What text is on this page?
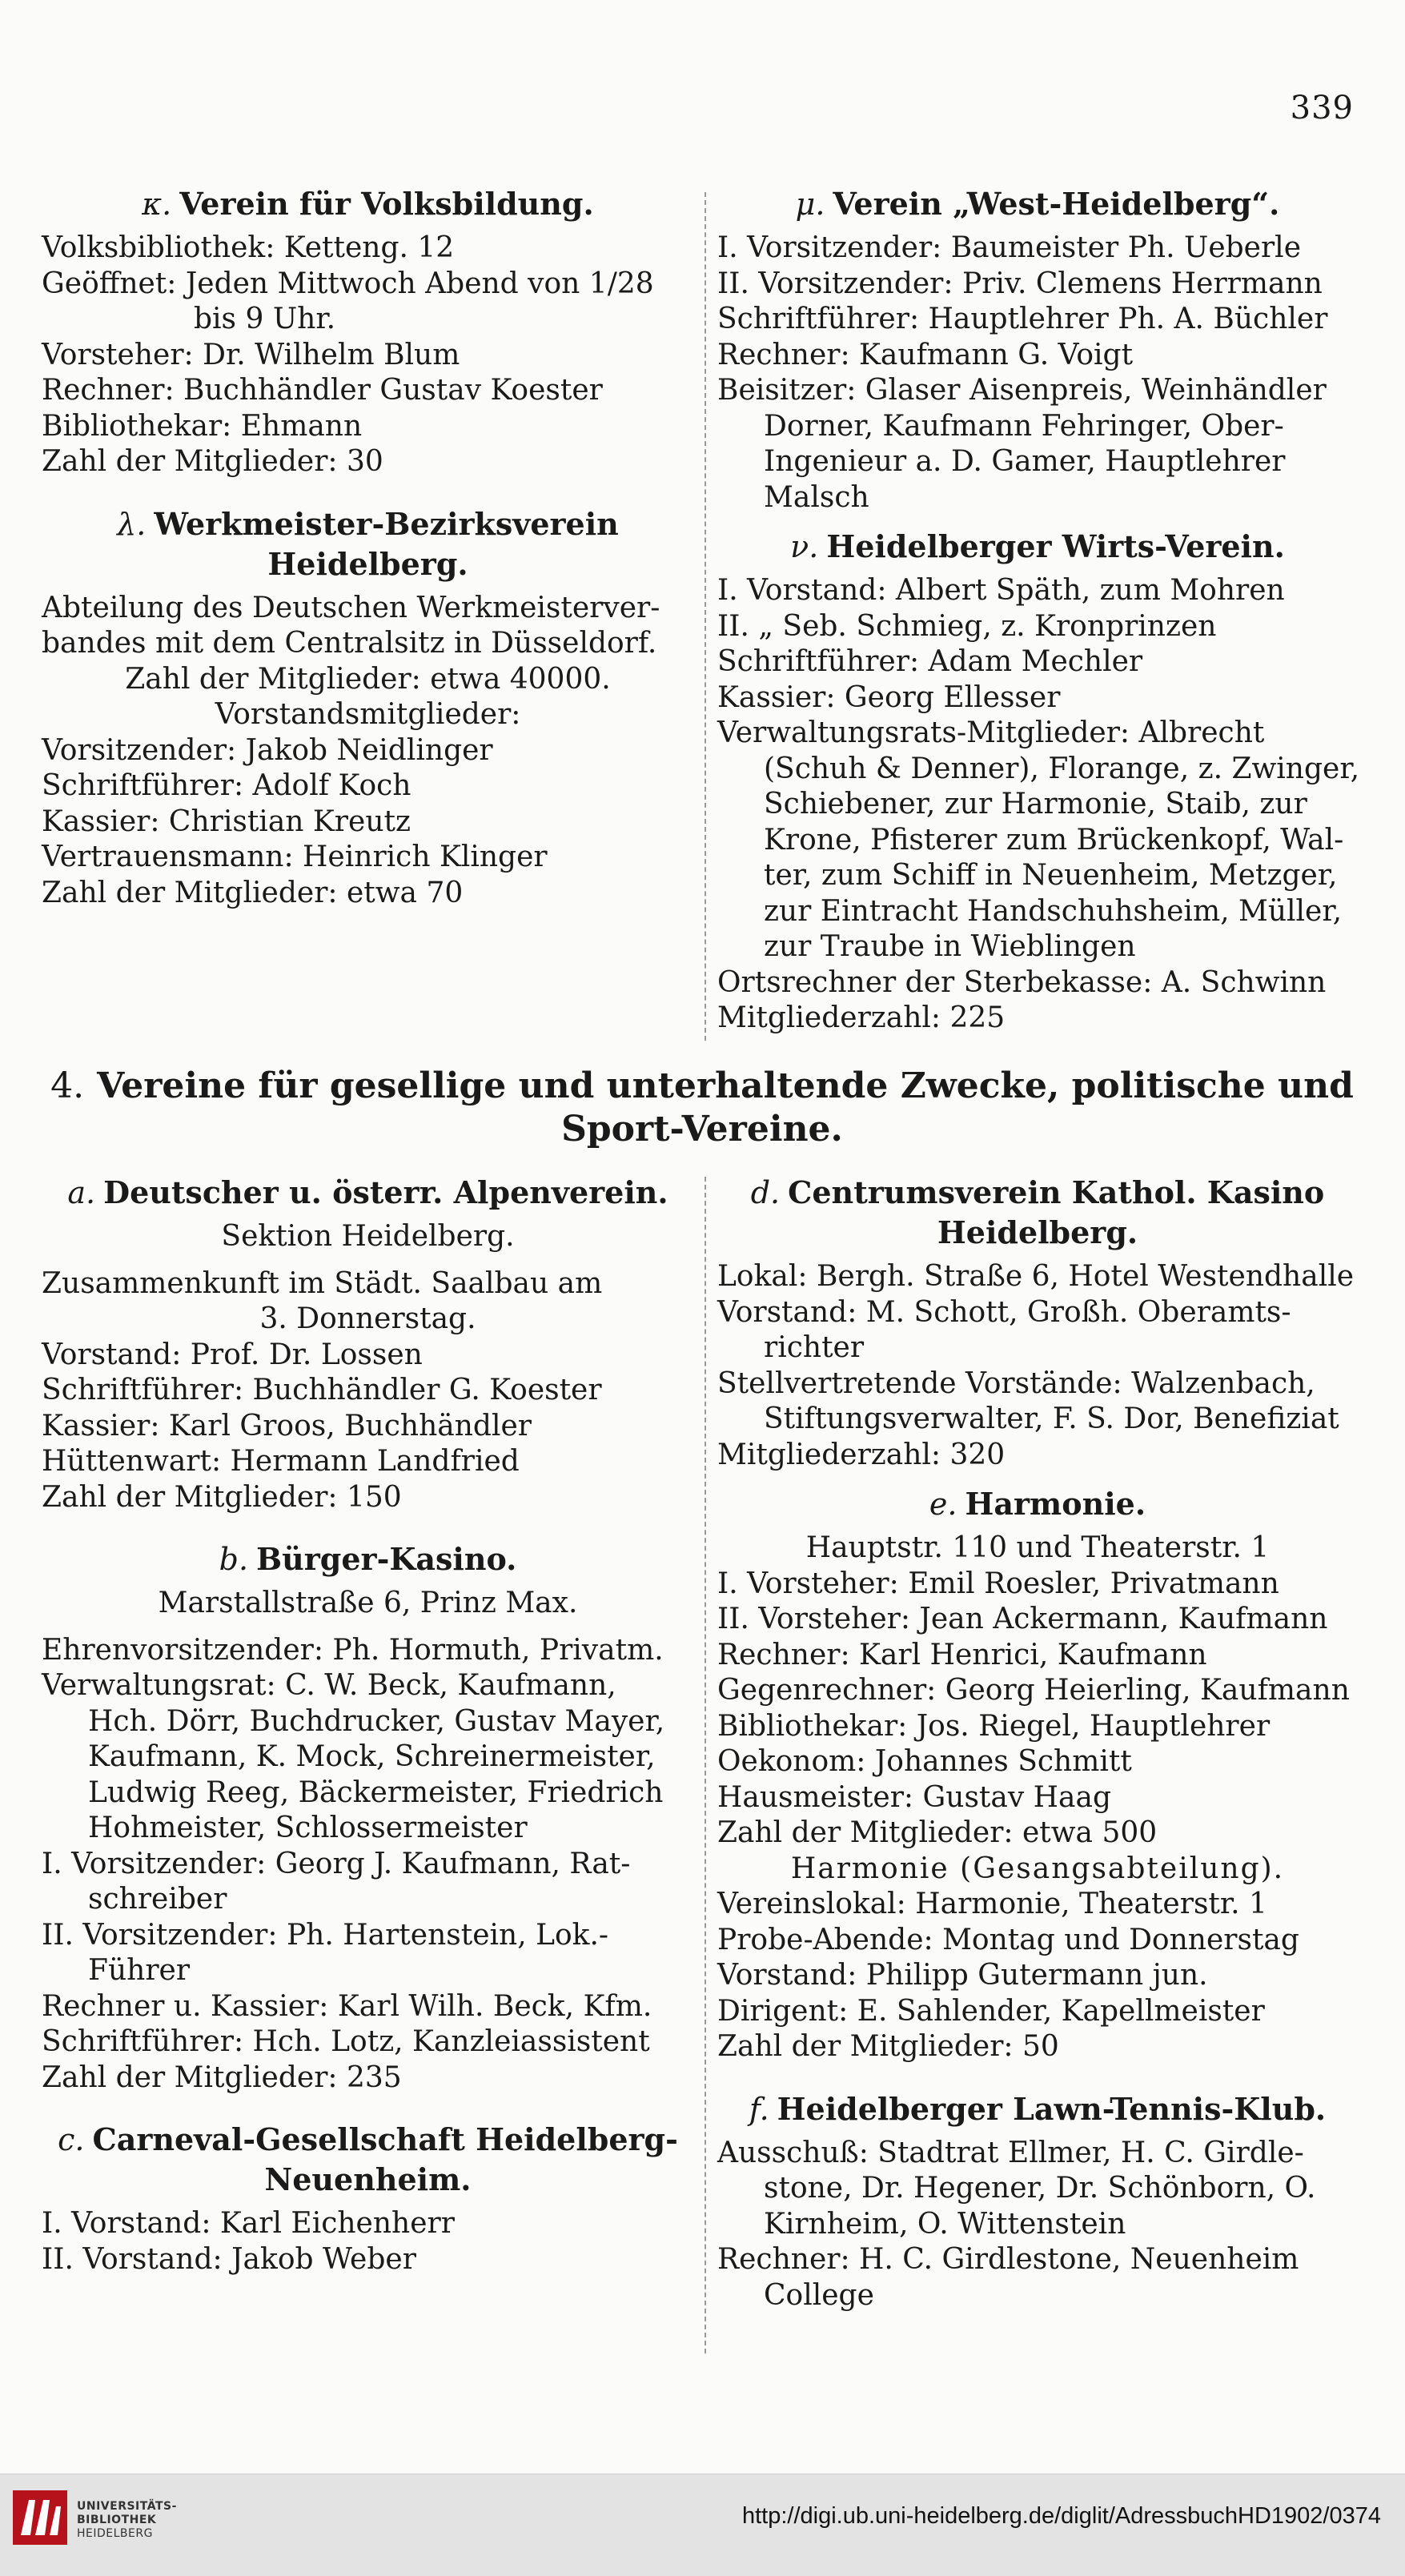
339
κ. Verein für Volksbildung.
Volksbibliothek: Ketteng. 12
Geöffnet: Jeden Mittwoch Abend von 1/28
bis 9 Uhr.
Vorsteher: Dr. Wilhelm Blum
Rechner: Buchhändler Gustav Koester
Bibliothekar: Ehmann
Zahl der Mitglieder: 30
λ. Werkmeister-Bezirksverein
Heidelberg.
Abteilung des Deutschen Werkmeisterver-
bandes mit dem Centralsitz in Düsseldorf.
Zahl der Mitglieder: etwa 40000.
Vorstandsmitglieder:
Vorsitzender: Jakob Neidlinger
Schriftführer: Adolf Koch
Kassier: Christian Kreutz
Vertrauensmann: Heinrich Klinger
Zahl der Mitglieder: etwa 70
μ. Verein „West-Heidelberg“.
I. Vorsitzender: Baumeister Ph. Ueberle
II. Vorsitzender: Priv. Clemens Herrmann
Schriftführer: Hauptlehrer Ph. A. Büchler
Rechner: Kaufmann G. Voigt
Beisitzer: Glaser Aisenpreis, Weinhändler
Dorner, Kaufmann Fehringer, Ober-
Ingenieur a. D. Gamer, Hauptlehrer
Malsch
ν. Heidelberger Wirts-Verein.
I. Vorstand: Albert Späth, zum Mohren
II. „ Seb. Schmieg, z. Kronprinzen
Schriftführer: Adam Mechler
Kassier: Georg Ellesser
Verwaltungsrats-Mitglieder: Albrecht
(Schuh & Denner), Florange, z. Zwinger,
Schiebener, zur Harmonie, Staib, zur
Krone, Pfisterer zum Brückenkopf, Wal-
ter, zum Schiff in Neuenheim, Metzger,
zur Eintracht Handschuhsheim, Müller,
zur Traube in Wieblingen
Ortsrechner der Sterbekasse: A. Schwinn
Mitgliederzahl: 225
4. Vereine für gesellige und unterhaltende Zwecke, politische und
Sport-Vereine.
a. Deutscher u. österr. Alpenverein.
Sektion Heidelberg.
Zusammenkunft im Städt. Saalbau am
3. Donnerstag.
Vorstand: Prof. Dr. Lossen
Schriftführer: Buchhändler G. Koester
Kassier: Karl Groos, Buchhändler
Hüttenwart: Hermann Landfried
Zahl der Mitglieder: 150
b. Bürger-Kasino.
Marstallstraße 6, Prinz Max.
Ehrenvorsitzender: Ph. Hormuth, Privatm.
Verwaltungsrat: C. W. Beck, Kaufmann,
Hch. Dörr, Buchdrucker, Gustav Mayer,
Kaufmann, K. Mock, Schreinermeister,
Ludwig Reeg, Bäckermeister, Friedrich
Hohmeister, Schlossermeister
I. Vorsitzender: Georg J. Kaufmann, Rat-
schreiber
II. Vorsitzender: Ph. Hartenstein, Lok.-
Führer
Rechner u. Kassier: Karl Wilh. Beck, Kfm.
Schriftführer: Hch. Lotz, Kanzleiassistent
Zahl der Mitglieder: 235
c. Carneval-Gesellschaft Heidelberg-
Neuenheim.
I. Vorstand: Karl Eichenherr
II. Vorstand: Jakob Weber
d. Centrumsverein Kathol. Kasino
Heidelberg.
Lokal: Bergh. Straße 6, Hotel Westendhalle
Vorstand: M. Schott, Großh. Oberamts-
richter
Stellvertretende Vorstände: Walzenbach,
Stiftungsverwalter, F. S. Dor, Benefiziat
Mitgliederzahl: 320
e. Harmonie.
Hauptstr. 110 und Theaterstr. 1
I. Vorsteher: Emil Roesler, Privatmann
II. Vorsteher: Jean Ackermann, Kaufmann
Rechner: Karl Henrici, Kaufmann
Gegenrechner: Georg Heierling, Kaufmann
Bibliothekar: Jos. Riegel, Hauptlehrer
Oekonom: Johannes Schmitt
Hausmeister: Gustav Haag
Zahl der Mitglieder: etwa 500
Harmonie (Gesangsabteilung).
Vereinslokal: Harmonie, Theaterstr. 1
Probe-Abende: Montag und Donnerstag
Vorstand: Philipp Gutermann jun.
Dirigent: E. Sahlender, Kapellmeister
Zahl der Mitglieder: 50
f. Heidelberger Lawn-Tennis-Klub.
Ausschuß: Stadtrat Ellmer, H. C. Girdle-
stone, Dr. Hegener, Dr. Schönborn, O.
Kirnheim, O. Wittenstein
Rechner: H. C. Girdlestone, Neuenheim
College
UNIVERSITÄTS-
BIBLIOTHEK
HEIDELBERG
http://digi.ub.uni-heidelberg.de/diglit/AdressbuchHD1902/0374
